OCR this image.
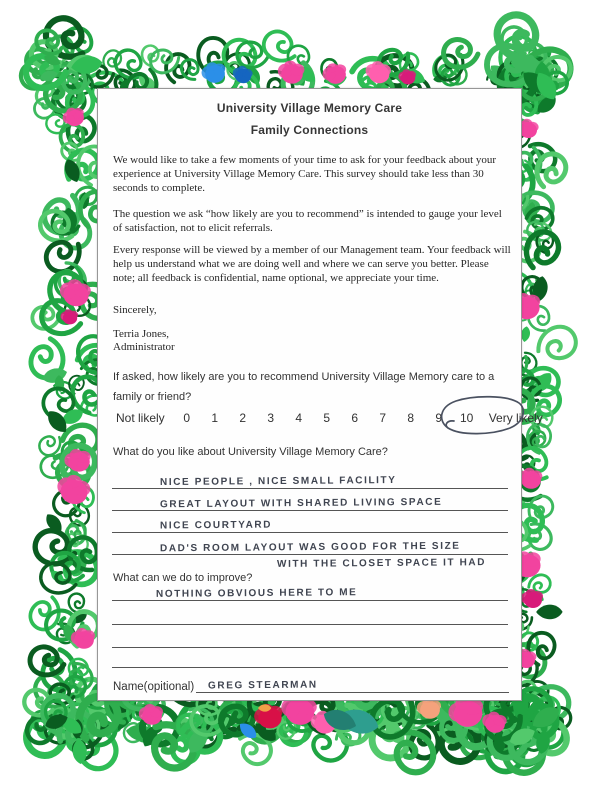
University Village Memory Care
Family Connections
We would like to take a few moments of your time to ask for your feedback about your experience at University Village Memory Care. This survey should take less than 30 seconds to complete.
The question we ask “how likely are you to recommend” is intended to gauge your level of satisfaction, not to elicit referrals.
Every response will be viewed by a member of our Management team. Your feedback will help us understand what we are doing well and where we can serve you better. Please note; all feedback is confidential, name optional, we appreciate your time.
Sincerely,
Terria Jones,
Administrator
If asked, how likely are you to recommend University Village Memory care to a family or friend?
Not likely	0	1	2	3	4	5	6	7	8	9	10 Very likely
What do you like about University Village Memory Care?
NICE PEOPLE , NICE SMALL FACILITY
GREAT LAYOUT WITH SHARED LIVING SPACE
NICE COURTYARD
DAD'S ROOM LAYOUT WAS GOOD FOR THE SIZE
WITH THE CLOSET SPACE IT HAD
What can we do to improve?
NOTHING OBVIOUS HERE TO ME
Name(opitional) GREG STEARMAN
